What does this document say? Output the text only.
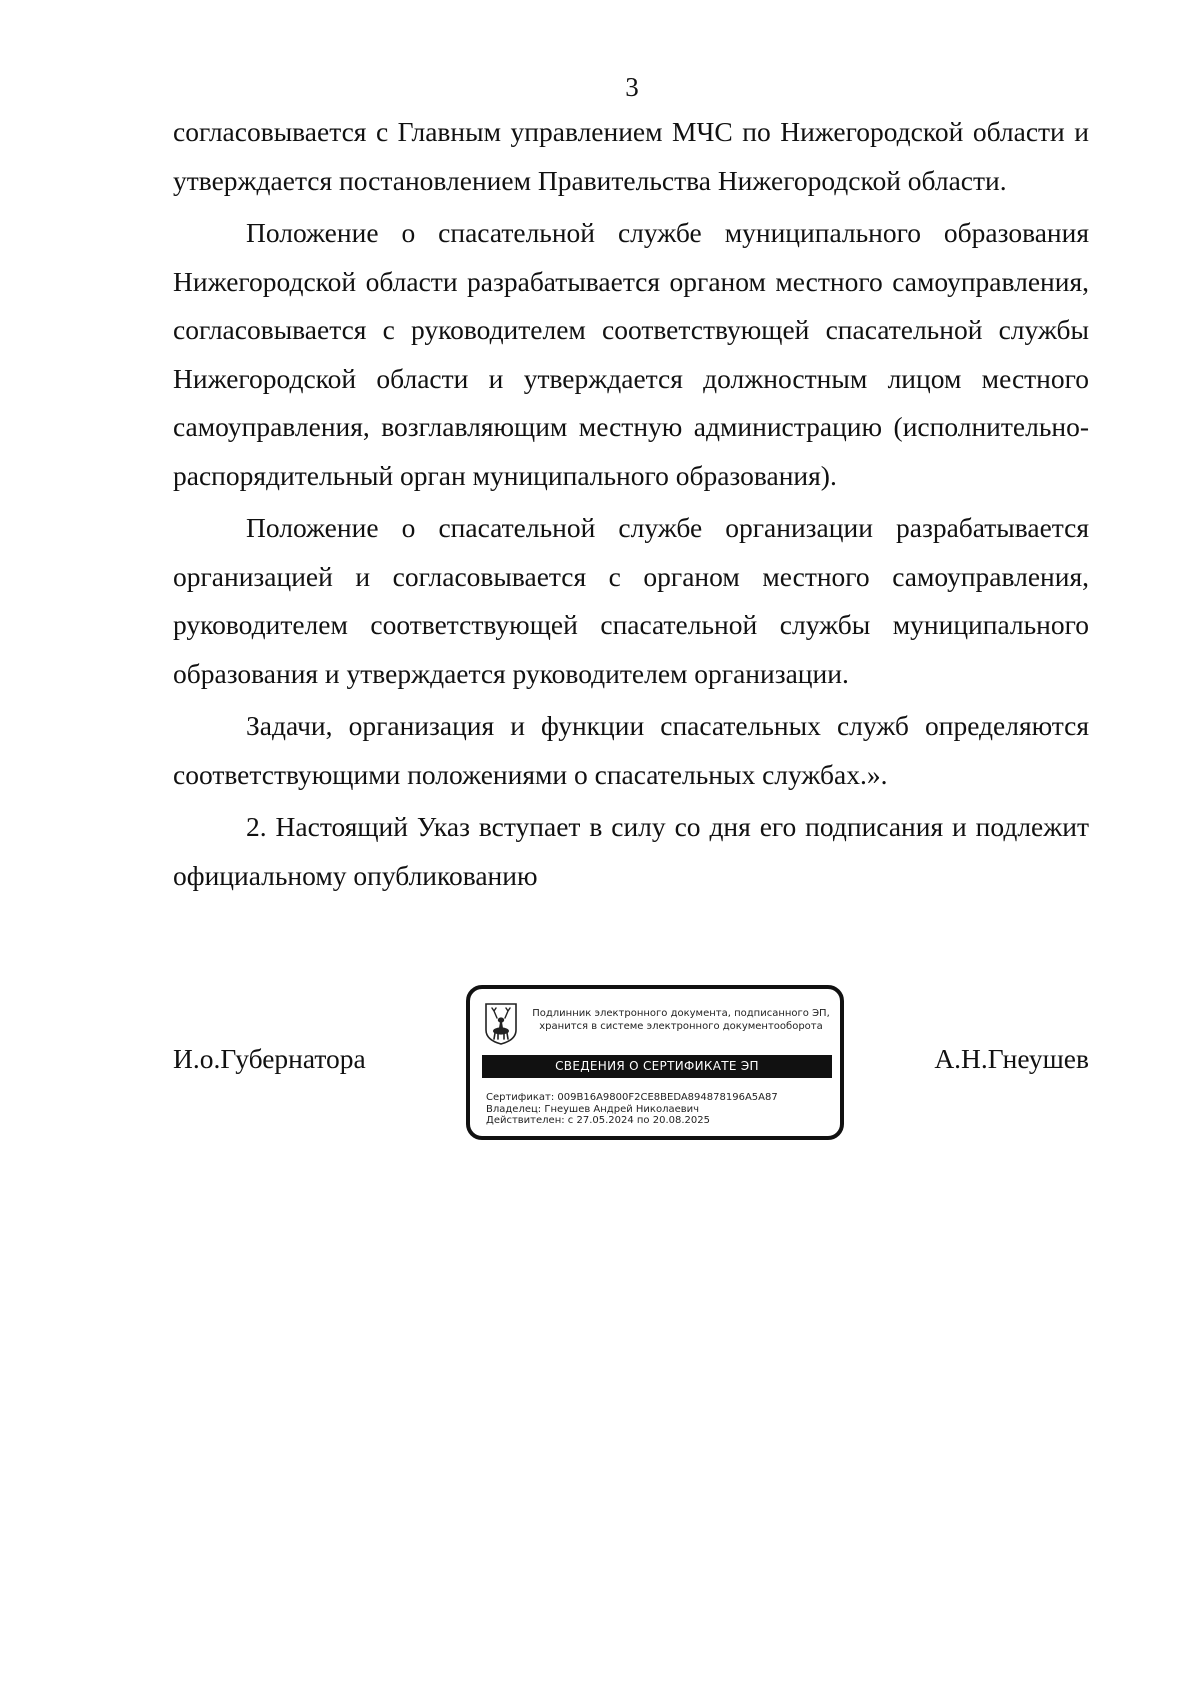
3

согласовывается с Главным управлением МЧС по Нижегородской области и утверждается постановлением Правительства Нижегородской области.

Положение о спасательной службе муниципального образования Нижегородской области разрабатывается органом местного самоуправления, согласовывается с руководителем соответствующей спасательной службы Нижегородской области и утверждается должностным лицом местного самоуправления, возглавляющим местную администрацию (исполнительно-распорядительный орган муниципального образования).

Положение о спасательной службе организации разрабатывается организацией и согласовывается с органом местного самоуправления, руководителем соответствующей спасательной службы муниципального образования и утверждается руководителем организации.

Задачи, организация и функции спасательных служб определяются соответствующими положениями о спасательных службах.».

2. Настоящий Указ вступает в силу со дня его подписания и подлежит официальному опубликованию

И.о.Губернатора
Подлинник электронного документа, подписанного ЭП,
хранится в системе электронного документооборота
СВЕДЕНИЯ О СЕРТИФИКАТЕ ЭП
Сертификат: 009B16A9800F2CE8BEDA894878196A5A87
Владелец: Гнеушев Андрей Николаевич
Действителен: с 27.05.2024 по 20.08.2025
А.Н.Гнеушев
